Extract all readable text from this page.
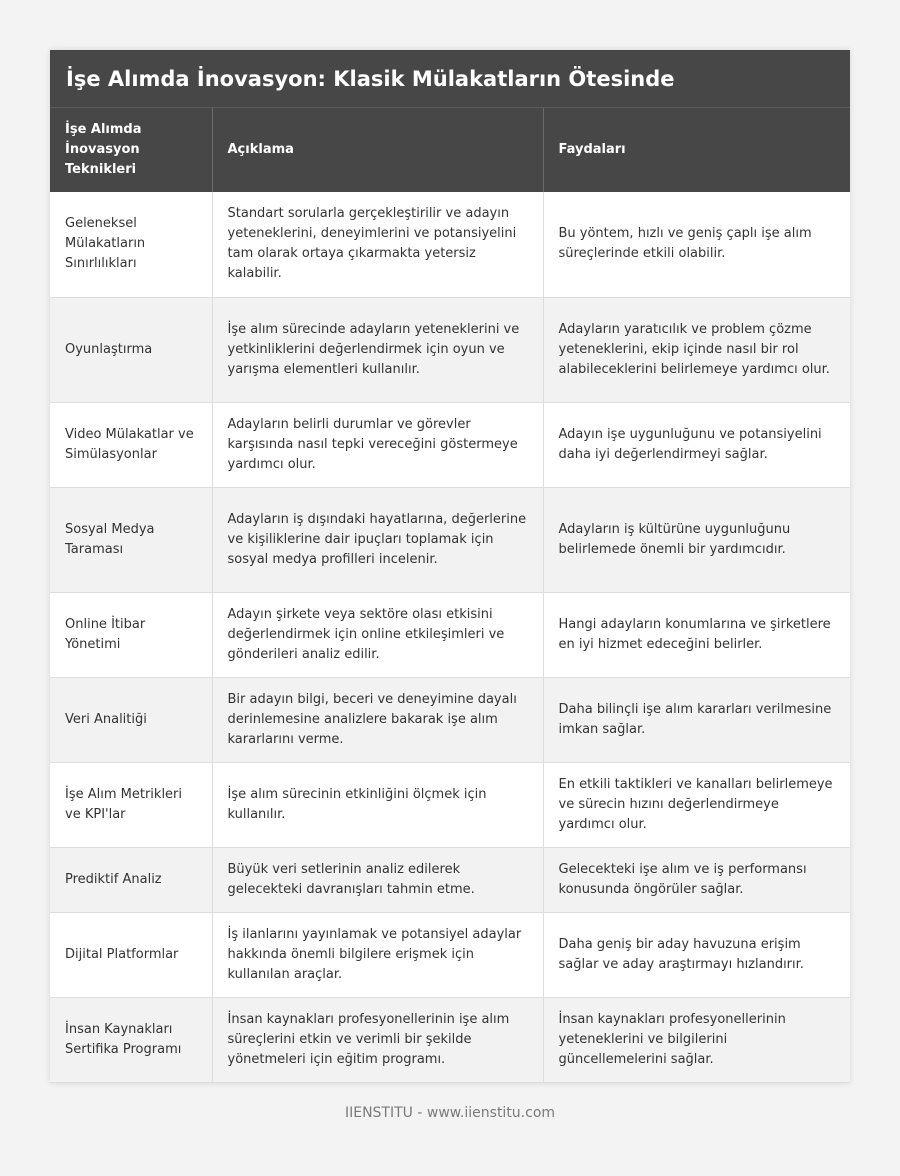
İşe Alımda İnovasyon: Klasik Mülakatların Ötesinde
İşe Alımda İnovasyon Teknikleri	Açıklama	Faydaları
Geleneksel Mülakatların Sınırlılıkları	Standart sorularla gerçekleştirilir ve adayın yeteneklerini, deneyimlerini ve potansiyelini tam olarak ortaya çıkarmakta yetersiz kalabilir.	Bu yöntem, hızlı ve geniş çaplı işe alım süreçlerinde etkili olabilir.
Oyunlaştırma	İşe alım sürecinde adayların yeteneklerini ve yetkinliklerini değerlendirmek için oyun ve yarışma elementleri kullanılır.	Adayların yaratıcılık ve problem çözme yeteneklerini, ekip içinde nasıl bir rol alabileceklerini belirlemeye yardımcı olur.
Video Mülakatlar ve Simülasyonlar	Adayların belirli durumlar ve görevler karşısında nasıl tepki vereceğini göstermeye yardımcı olur.	Adayın işe uygunluğunu ve potansiyelini daha iyi değerlendirmeyi sağlar.
Sosyal Medya Taraması	Adayların iş dışındaki hayatlarına, değerlerine ve kişiliklerine dair ipuçları toplamak için sosyal medya profilleri incelenir.	Adayların iş kültürüne uygunluğunu belirlemede önemli bir yardımcıdır.
Online İtibar Yönetimi	Adayın şirkete veya sektöre olası etkisini değerlendirmek için online etkileşimleri ve gönderileri analiz edilir.	Hangi adayların konumlarına ve şirketlere en iyi hizmet edeceğini belirler.
Veri Analitiği	Bir adayın bilgi, beceri ve deneyimine dayalı derinlemesine analizlere bakarak işe alım kararlarını verme.	Daha bilinçli işe alım kararları verilmesine imkan sağlar.
İşe Alım Metrikleri ve KPI'lar	İşe alım sürecinin etkinliğini ölçmek için kullanılır.	En etkili taktikleri ve kanalları belirlemeye ve sürecin hızını değerlendirmeye yardımcı olur.
Prediktif Analiz	Büyük veri setlerinin analiz edilerek gelecekteki davranışları tahmin etme.	Gelecekteki işe alım ve iş performansı konusunda öngörüler sağlar.
Dijital Platformlar	İş ilanlarını yayınlamak ve potansiyel adaylar hakkında önemli bilgilere erişmek için kullanılan araçlar.	Daha geniş bir aday havuzuna erişim sağlar ve aday araştırmayı hızlandırır.
İnsan Kaynakları Sertifika Programı	İnsan kaynakları profesyonellerinin işe alım süreçlerini etkin ve verimli bir şekilde yönetmeleri için eğitim programı.	İnsan kaynakları profesyonellerinin yeteneklerini ve bilgilerini güncellemelerini sağlar.
IIENSTITU - www.iienstitu.com
